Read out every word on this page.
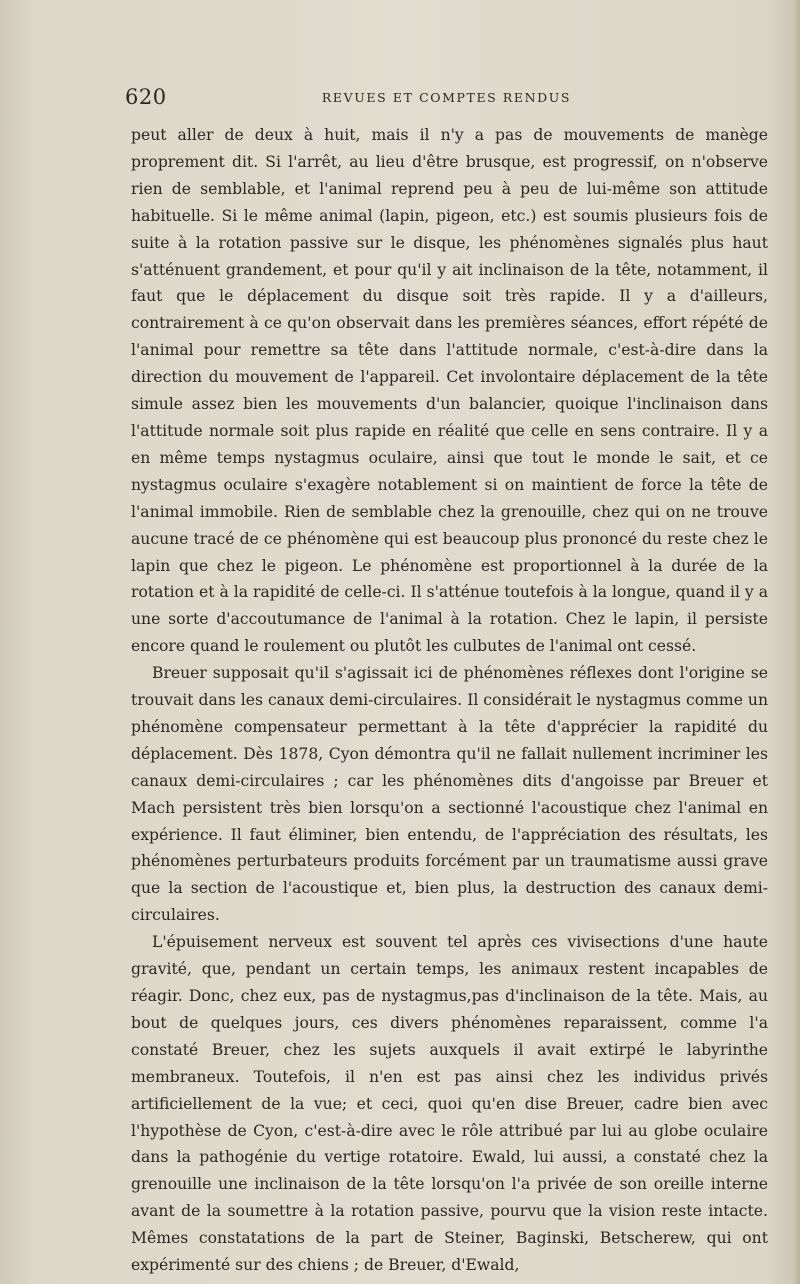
620	REVUES ET COMPTES RENDUS

peut aller de deux à huit, mais il n'y a pas de mouvements de manège proprement dit. Si l'arrêt, au lieu d'être brusque, est progressif, on n'observe rien de semblable, et l'animal reprend peu à peu de lui-même son attitude habituelle. Si le même animal (lapin, pigeon, etc.) est soumis plusieurs fois de suite à la rotation passive sur le disque, les phénomènes signalés plus haut s'atténuent grandement, et pour qu'il y ait inclinaison de la tête, notamment, il faut que le déplacement du disque soit très rapide. Il y a d'ailleurs, contrairement à ce qu'on observait dans les premières séances, effort répété de l'animal pour remettre sa tête dans l'attitude normale, c'est-à-dire dans la direction du mouvement de l'appareil. Cet involontaire déplacement de la tête simule assez bien les mouvements d'un balancier, quoique l'inclinaison dans l'attitude normale soit plus rapide en réalité que celle en sens contraire. Il y a en même temps nystagmus oculaire, ainsi que tout le monde le sait, et ce nystagmus oculaire s'exagère notablement si on maintient de force la tête de l'animal immobile. Rien de semblable chez la grenouille, chez qui on ne trouve aucune tracé de ce phénomène qui est beaucoup plus prononcé du reste chez le lapin que chez le pigeon. Le phénomène est proportionnel à la durée de la rotation et à la rapidité de celle-ci. Il s'atténue toutefois à la longue, quand il y a une sorte d'accoutumance de l'animal à la rotation. Chez le lapin, il persiste encore quand le roulement ou plutôt les culbutes de l'animal ont cessé.

Breuer supposait qu'il s'agissait ici de phénomènes réflexes dont l'origine se trouvait dans les canaux demi-circulaires. Il considérait le nystagmus comme un phénomène compensateur permettant à la tête d'apprécier la rapidité du déplacement. Dès 1878, Cyon démontra qu'il ne fallait nullement incriminer les canaux demi-circulaires ; car les phénomènes dits d'angoisse par Breuer et Mach persistent très bien lorsqu'on a sectionné l'acoustique chez l'animal en expérience. Il faut éliminer, bien entendu, de l'appréciation des résultats, les phénomènes perturbateurs produits forcément par un traumatisme aussi grave que la section de l'acoustique et, bien plus, la destruction des canaux demi-circulaires.

L'épuisement nerveux est souvent tel après ces vivisections d'une haute gravité, que, pendant un certain temps, les animaux restent incapables de réagir. Donc, chez eux, pas de nystagmus,pas d'inclinaison de la tête. Mais, au bout de quelques jours, ces divers phénomènes reparaissent, comme l'a constaté Breuer, chez les sujets auxquels il avait extirpé le labyrinthe membraneux. Toutefois, il n'en est pas ainsi chez les individus privés artificiellement de la vue; et ceci, quoi qu'en dise Breuer, cadre bien avec l'hypothèse de Cyon, c'est-à-dire avec le rôle attribué par lui au globe oculaire dans la pathogénie du vertige rotatoire. Ewald, lui aussi, a constaté chez la grenouille une inclinaison de la tête lorsqu'on l'a privée de son oreille interne avant de la soumettre à la rotation passive, pourvu que la vision reste intacte. Mêmes constatations de la part de Steiner, Baginski, Betscherew, qui ont expérimenté sur des chiens ; de Breuer, d'Ewald,
